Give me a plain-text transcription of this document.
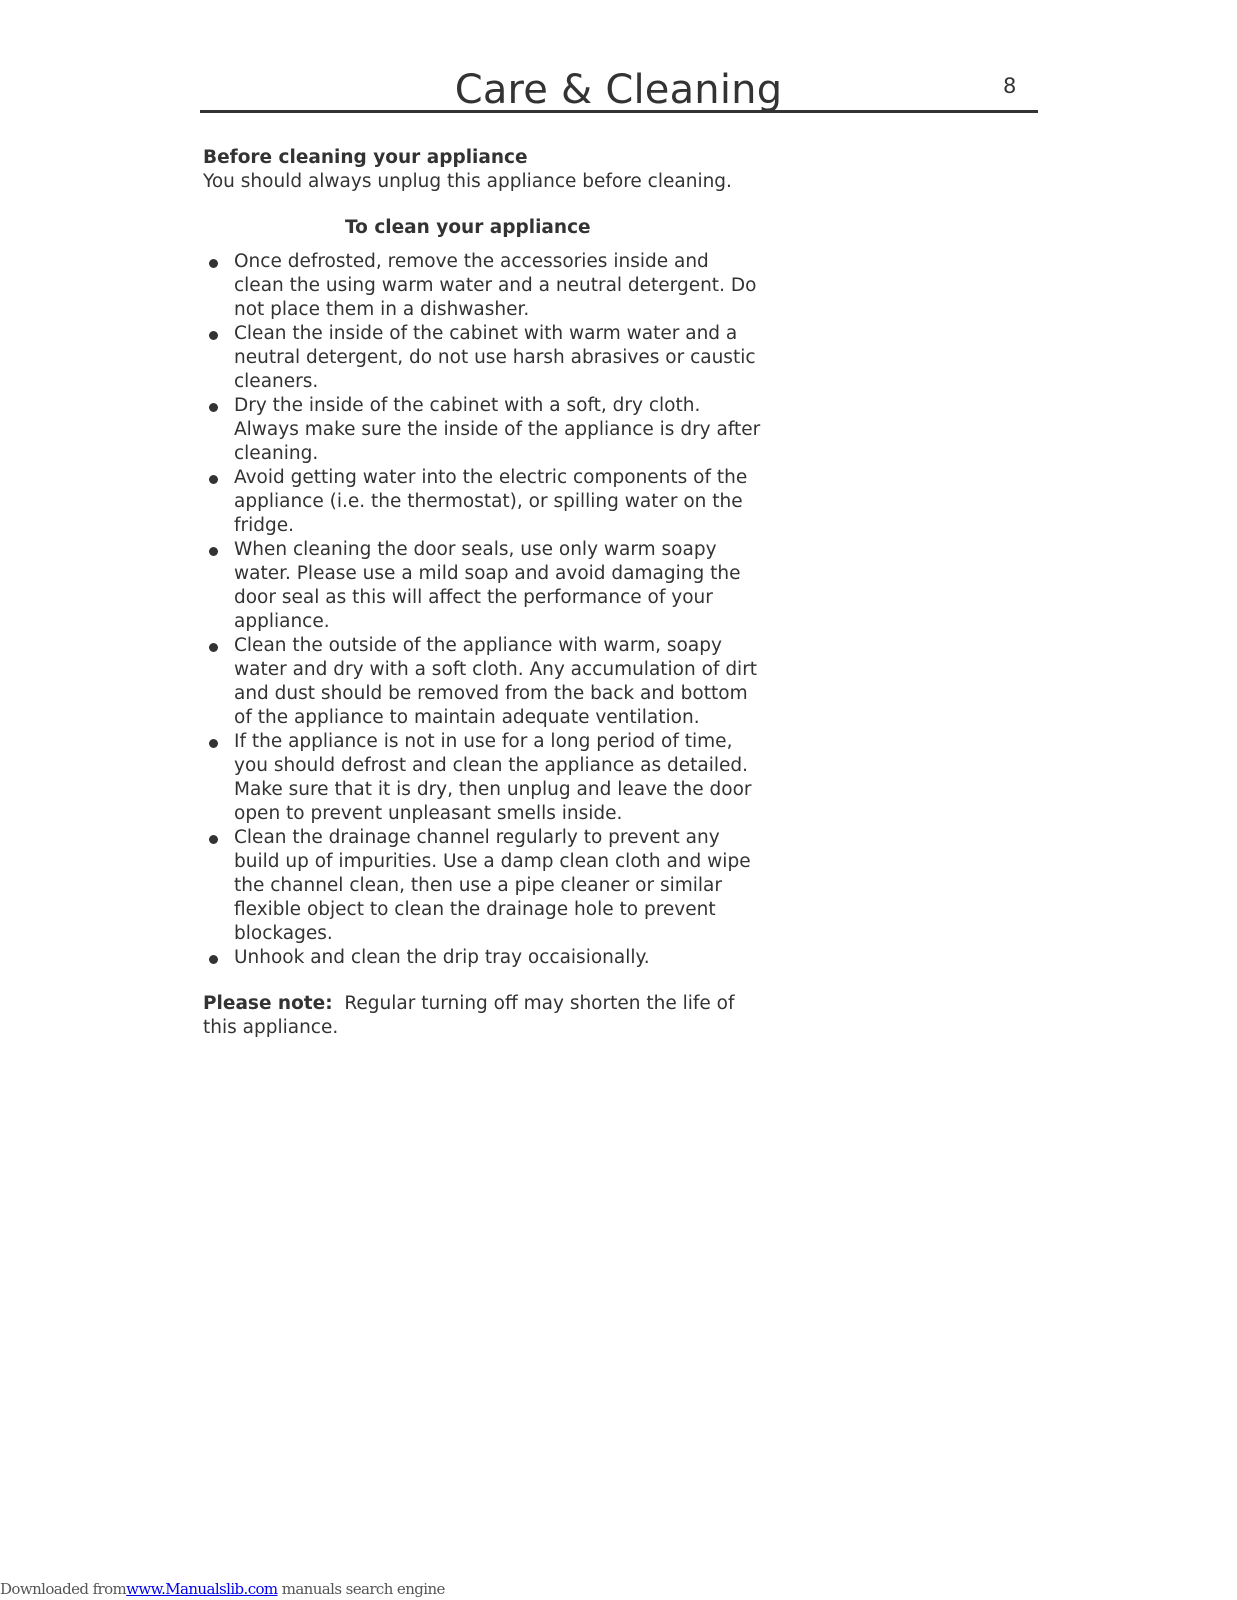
Care & Cleaning	8

Before cleaning your appliance

You should always unplug this appliance before cleaning.

To clean your appliance

Once defrosted, remove the accessories inside and clean the using warm water and a neutral detergent. Do not place them in a dishwasher.
Clean the inside of the cabinet with warm water and a neutral detergent, do not use harsh abrasives or caustic cleaners.
Dry the inside of the cabinet with a soft, dry cloth. Always make sure the inside of the appliance is dry after cleaning.
Avoid getting water into the electric components of the appliance (i.e. the thermostat), or spilling water on the fridge.
When cleaning the door seals, use only warm soapy water. Please use a mild soap and avoid damaging the door seal as this will affect the performance of your appliance.
Clean the outside of the appliance with warm, soapy water and dry with a soft cloth. Any accumulation of dirt and dust should be removed from the back and bottom of the appliance to maintain adequate ventilation.
If the appliance is not in use for a long period of time, you should defrost and clean the appliance as detailed. Make sure that it is dry, then unplug and leave the door open to prevent unpleasant smells inside.
Clean the drainage channel regularly to prevent any build up of impurities. Use a damp clean cloth and wipe the channel clean, then use a pipe cleaner or similar flexible object to clean the drainage hole to prevent blockages.
Unhook and clean the drip tray occaisionally.

Please note: Regular turning off may shorten the life of this appliance.

Downloaded fromwww.Manualslib.com manuals search engine
